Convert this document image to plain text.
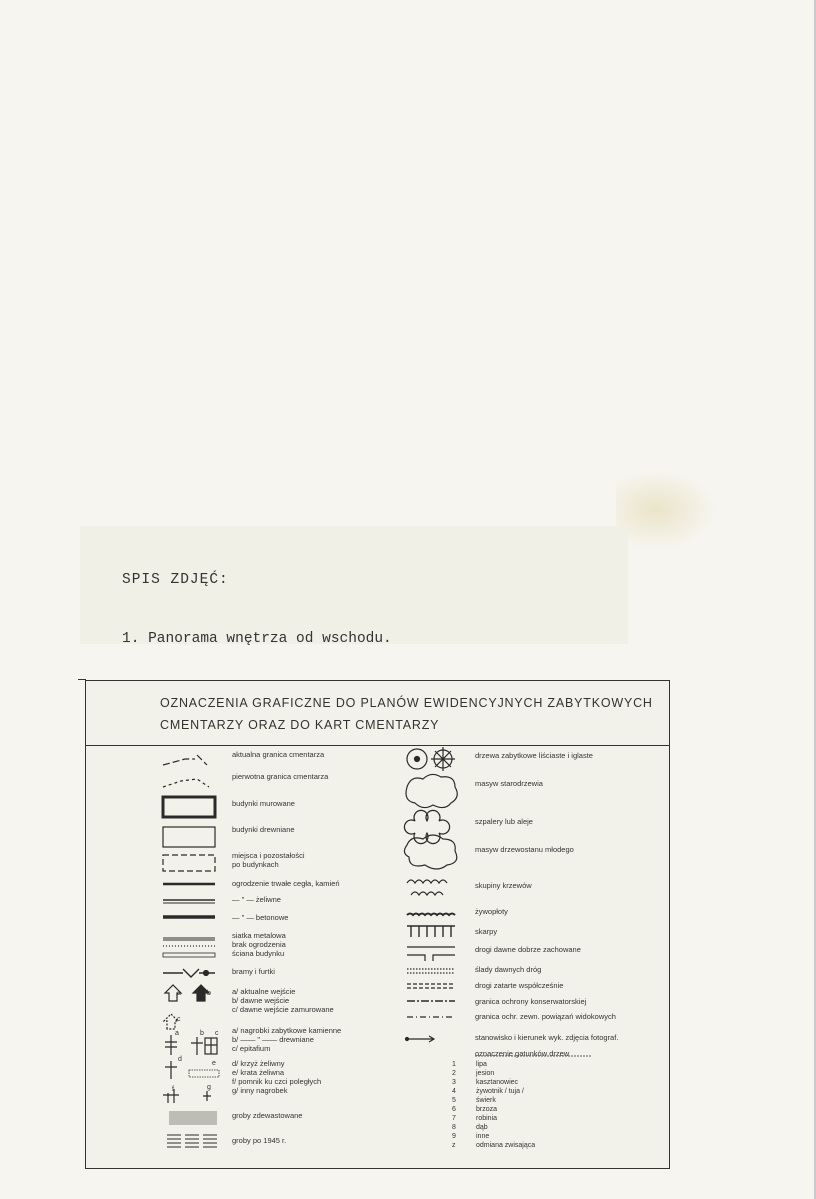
SPIS ZDJĘĆ:

1. Panorama wnętrza od wschodu.

OZNACZENIA GRAFICZNE DO PLANÓW EWIDENCYJNYCH ZABYTKOWYCH
CMENTARZY ORAZ DO KART CMENTARZY
aktualna granica cmentarza
pierwotna granica cmentarza
budynki murowane
budynki drewniane
miejsca i pozostałości
po budynkach
ogrodzenie trwałe cegła, kamień
— " — żeliwne
— " — betonowe
siatka metalowa
brak ogrodzenia
ściana budynku
bramy i furtki
a/ aktualne wejście
b/ dawne wejście
c/ dawne wejście zamurowane
a/ nagrobki zabytkowe kamienne
b/ —— " —— drewniane
c/ epitafium
d/ krzyż żeliwny
e/ krata żeliwna
f/ pomnik ku czci poległych
g/ inny nagrobek
groby zdewastowane
groby po 1945 r.
drzewa zabytkowe liściaste i iglaste
masyw starodrzewia
szpalery lub aleje
masyw drzewostanu młodego
skupiny krzewów
żywopłoty
skarpy
drogi dawne dobrze zachowane
ślady dawnych dróg
drogi zatarte współcześnie
granica ochrony konserwatorskiej
granica ochr. zewn. powiązań widokowych
stanowisko i kierunek wyk. zdjęcia fotograf.
oznaczenie gatunków drzew
1	lipa
2	jesion
3	kasztanowiec
4	żywotnik / tuja /
5	świerk
6	brzoza
7	robinia
8	dąb
9	inne
z	odmiana zwisająca
a	b
c
a	b c
d
e
f	g
